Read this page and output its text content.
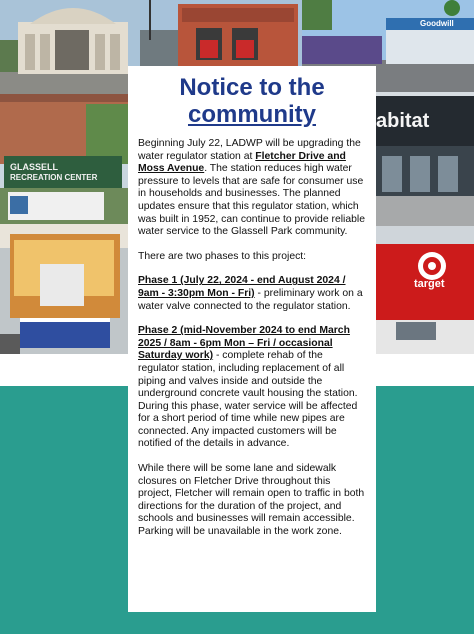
Goodwill
GLASSELL
RECREATION CENTER
abitat
target
Notice to the
community

Beginning July 22, LADWP will be upgrading the water regulator station at Fletcher Drive and Moss Avenue. The station reduces high water pressure to levels that are safe for consumer use in households and businesses. The planned updates ensure that this regulator station, which was built in 1952, can continue to provide reliable water service to the Glassell Park community.

There are two phases to this project:

Phase 1 (July 22, 2024 - end August 2024 / 9am - 3:30pm Mon - Fri) - preliminary work on a water valve connected to the regulator station.

Phase 2 (mid-November 2024 to end March 2025 / 8am - 6pm Mon – Fri / occasional Saturday work) - complete rehab of the regulator station, including replacement of all piping and valves inside and outside the underground concrete vault housing the station. During this phase, water service will be affected for a short period of time while new pipes are connected. Any impacted customers will be notified of the details in advance.

While there will be some lane and sidewalk closures on Fletcher Drive throughout this project, Fletcher will remain open to traffic in both directions for the duration of the project, and schools and businesses will remain accessible. Parking will be unavailable in the work zone.
